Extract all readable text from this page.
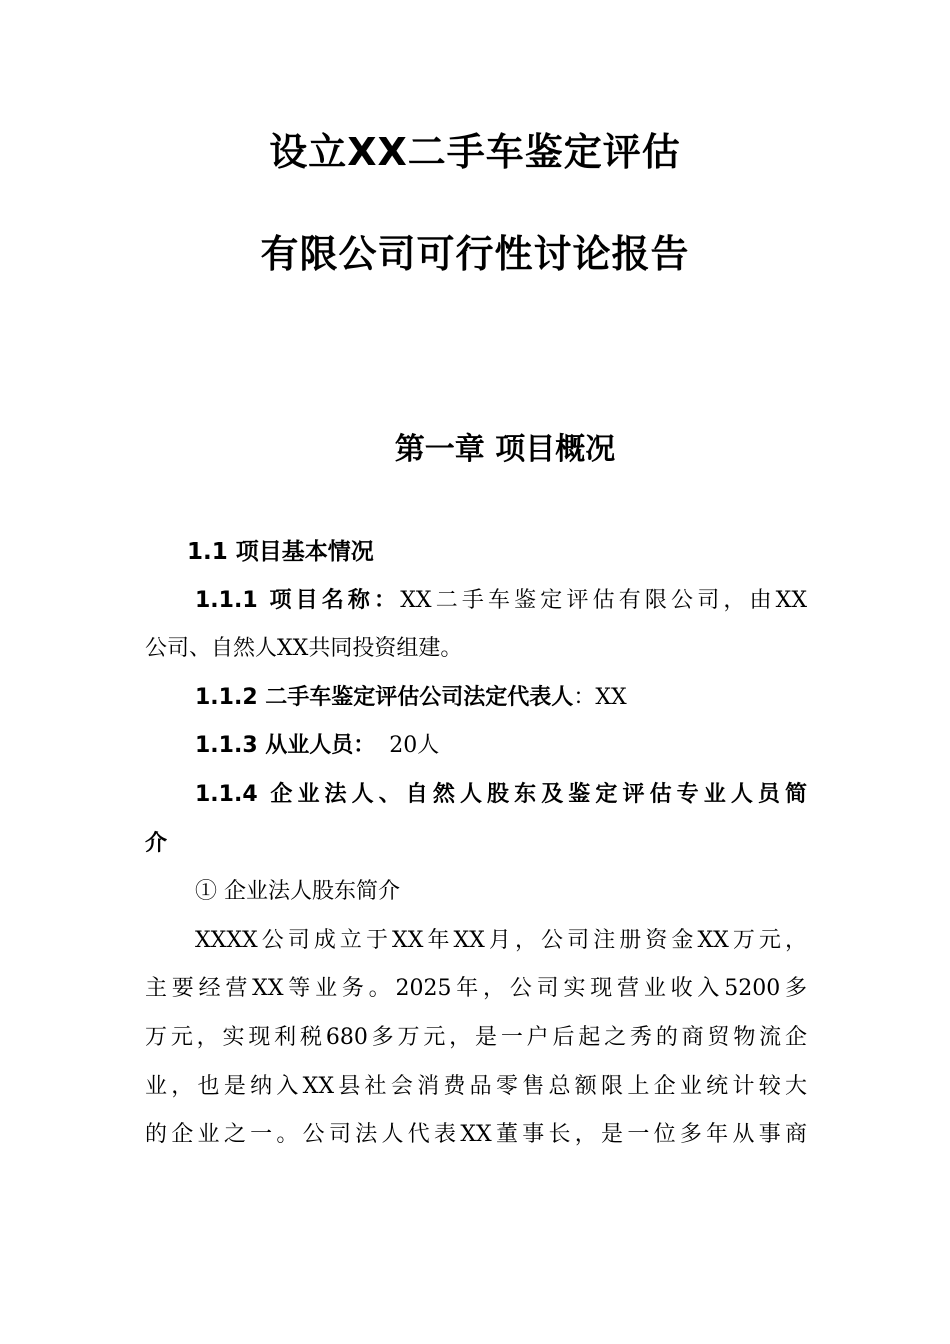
设立XX二手车鉴定评估
有限公司可行性讨论报告
第一章 项目概况
1.1 项目基本情况
1.1.1 项目名称：XX二手车鉴定评估有限公司，由XX
公司、自然人XX共同投资组建。
1.1.2 二手车鉴定评估公司法定代表人：XX
1.1.3 从业人员：  20人
1.1.4 企业法人、自然人股东及鉴定评估专业人员简
介
① 企业法人股东简介
XXXX公司成立于XX年XX月，公司注册资金XX万元，
主要经营XX等业务。2025年，公司实现营业收入5200多
万元，实现利税680多万元，是一户后起之秀的商贸物流企
业，也是纳入XX县社会消费品零售总额限上企业统计较大
的企业之一。公司法人代表XX董事长，是一位多年从事商
